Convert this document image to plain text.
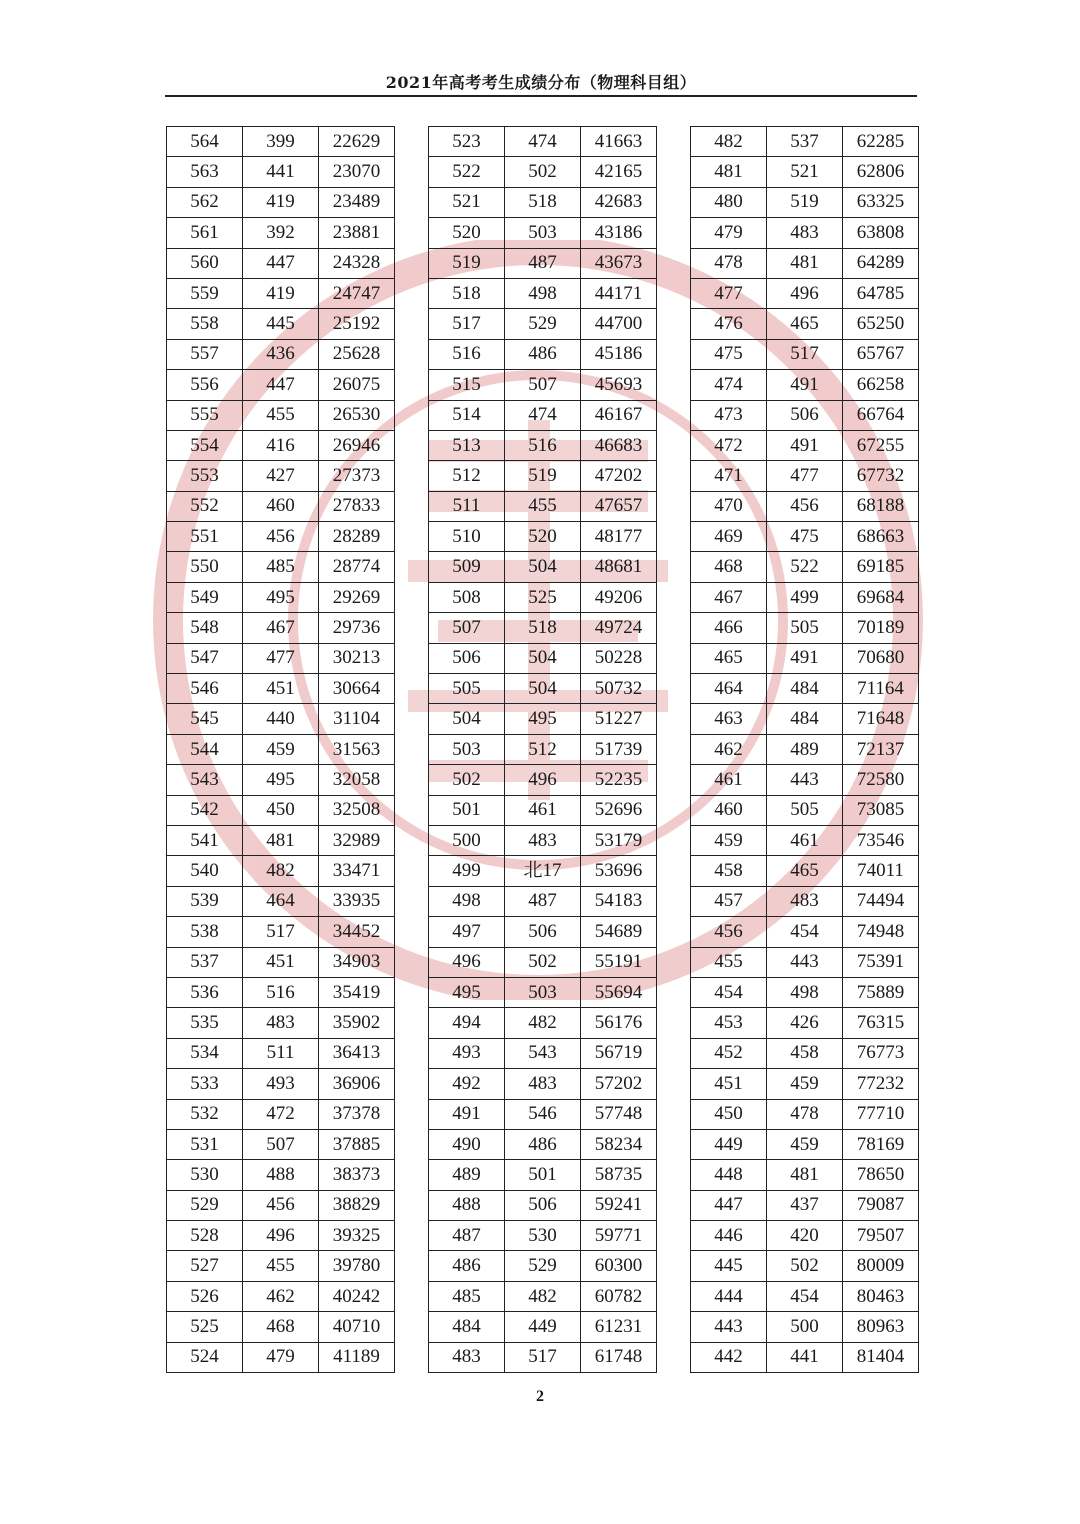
2021年高考考生成绩分布（物理科目组）
564	399	22629
563	441	23070
562	419	23489
561	392	23881
560	447	24328
559	419	24747
558	445	25192
557	436	25628
556	447	26075
555	455	26530
554	416	26946
553	427	27373
552	460	27833
551	456	28289
550	485	28774
549	495	29269
548	467	29736
547	477	30213
546	451	30664
545	440	31104
544	459	31563
543	495	32058
542	450	32508
541	481	32989
540	482	33471
539	464	33935
538	517	34452
537	451	34903
536	516	35419
535	483	35902
534	511	36413
533	493	36906
532	472	37378
531	507	37885
530	488	38373
529	456	38829
528	496	39325
527	455	39780
526	462	40242
525	468	40710
524	479	41189
523	474	41663
522	502	42165
521	518	42683
520	503	43186
519	487	43673
518	498	44171
517	529	44700
516	486	45186
515	507	45693
514	474	46167
513	516	46683
512	519	47202
511	455	47657
510	520	48177
509	504	48681
508	525	49206
507	518	49724
506	504	50228
505	504	50732
504	495	51227
503	512	51739
502	496	52235
501	461	52696
500	483	53179
499	北17	53696
498	487	54183
497	506	54689
496	502	55191
495	503	55694
494	482	56176
493	543	56719
492	483	57202
491	546	57748
490	486	58234
489	501	58735
488	506	59241
487	530	59771
486	529	60300
485	482	60782
484	449	61231
483	517	61748
482	537	62285
481	521	62806
480	519	63325
479	483	63808
478	481	64289
477	496	64785
476	465	65250
475	517	65767
474	491	66258
473	506	66764
472	491	67255
471	477	67732
470	456	68188
469	475	68663
468	522	69185
467	499	69684
466	505	70189
465	491	70680
464	484	71164
463	484	71648
462	489	72137
461	443	72580
460	505	73085
459	461	73546
458	465	74011
457	483	74494
456	454	74948
455	443	75391
454	498	75889
453	426	76315
452	458	76773
451	459	77232
450	478	77710
449	459	78169
448	481	78650
447	437	79087
446	420	79507
445	502	80009
444	454	80463
443	500	80963
442	441	81404
2
